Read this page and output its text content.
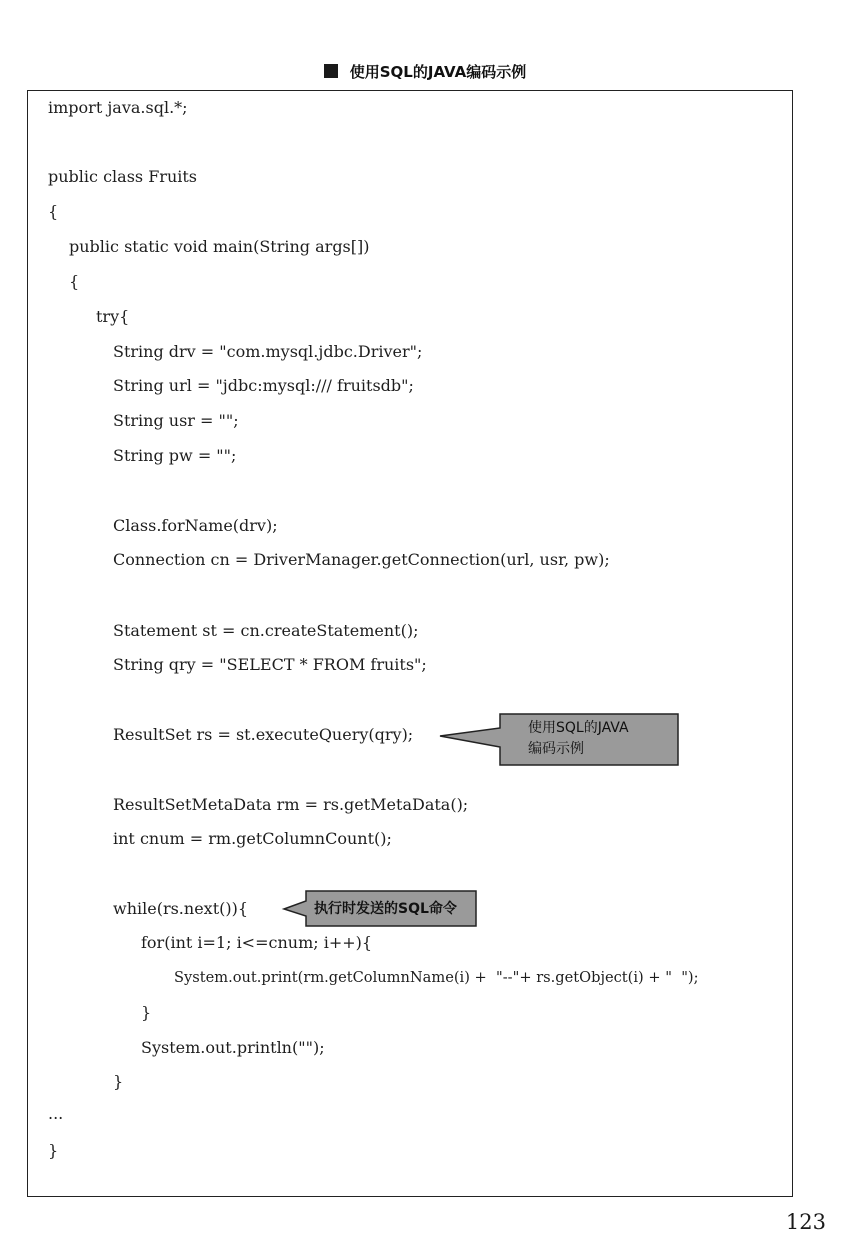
使用SQL的JAVA编码示例
import java.sql.*;
public class Fruits
{
public static void main(String args[])
{
try{
String drv = "com.mysql.jdbc.Driver";
String url = "jdbc:mysql:/// fruitsdb";
String usr = "";
String pw = "";
Class.forName(drv);
Connection cn = DriverManager.getConnection(url, usr, pw);
Statement st = cn.createStatement();
String qry = "SELECT * FROM fruits";
ResultSet rs = st.executeQuery(qry);
ResultSetMetaData rm = rs.getMetaData();
int cnum = rm.getColumnCount();
while(rs.next()){
for(int i=1; i<=cnum; i++){
System.out.print(rm.getColumnName(i) +  "--"+ rs.getObject(i) + "  ");
}
System.out.println("");
}
...
}
使用SQL的JAVA
编码示例
执行时发送的SQL命令
123
